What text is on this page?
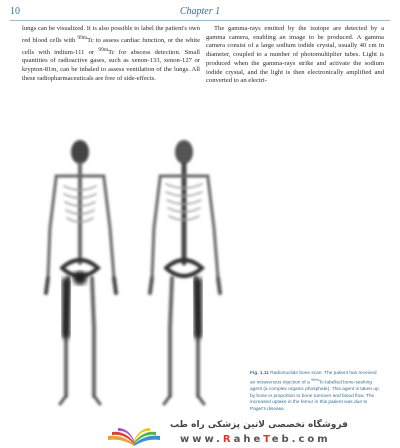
10	Chapter 1

lungs can be visualized. It is also possible to label the patient's own red blood cells with $^{99m}$Tc to assess cardiac function, or the white cells with indium-111 or $^{99m}$Tc for abscess detection. Small quantities of radioactive gases, such as xenon-133, xenon-127 or krypton-81m, can be inhaled to assess ventilation of the lungs. All these radiopharmaceuticals are free of side-effects.

The gamma-rays emitted by the isotope are detected by a gamma camera, enabling an image to be produced. A gamma camera consist of a large sodium iodide crystal, usually 40 cm in diameter, coupled to a number of photomultiplier tubes. Light is produced when the gamma-rays strike and activate the sodium iodide crystal, and the light is then electronically amplified and converted to an electri-

Fig. 1.11 Radionuclide bone scan. The patient has received an intravenous injection of a $^{99m}$Tc-labelled bone-seeking agent (a complex organic phosphate). This agent is taken up by bone in proportion to bone turnover and blood flow. The increased uptake in the femur in this patient was due to Paget's disease.
فروشگاه تخصصی لاتین پزشکی راه طب
www.RaheTeb.com
